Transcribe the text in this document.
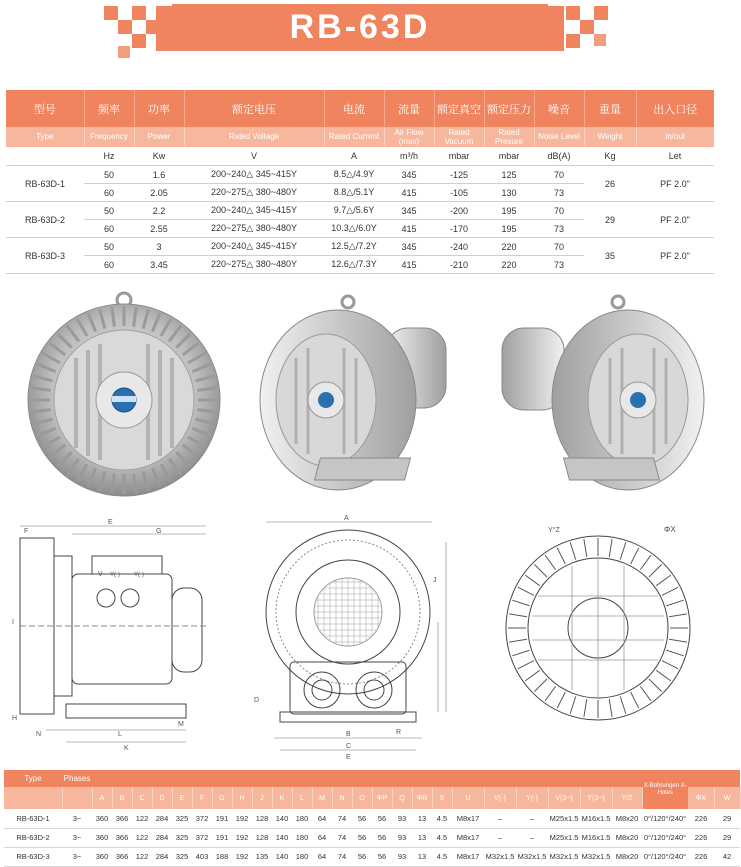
RB-63D
型号	频率	功率	额定电压	电流	流量	额定真空	额定压力	噪音	重量	出入口径
Type	Frequency	Power	Rated Voltage	Rated Current	Air Flow (max)	Rated Vacuum	Rated Presure	Noise Level	Weight	in/out
	Hz	Kw	V	A	m³/h	mbar	mbar	dB(A)	Kg	Let
RB-63D-1	50	1.6	200~240△ 345~415Y	8.5△/4.9Y	345	-125	125	70	26	PF 2.0"
	60	2.05	220~275△ 380~480Y	8.8△/5.1Y	415	-105	130	73		
RB-63D-2	50	2.2	200~240△ 345~415Y	9.7△/5.6Y	345	-200	195	70	29	PF 2.0"
	60	2.55	220~275△ 380~480Y	10.3△/6.0Y	415	-170	195	73		
RB-63D-3	50	3	200~240△ 345~415Y	12.5△/7.2Y	345	-240	220	70	35	PF 2.0"
	60	3.45	220~275△ 380~480Y	12.6△/7.3Y	415	-210	220	73		
E
F	G
I
H
N	L
K
M
V Y(-) Y(-)
A
B
C
D
J
E
R
ΦX
Y°Z
Type	Phases																									X-Bohrungen X-Holes		
		A	B	C	D	E	F	G	H	J	K	L	M	N	O	ΦP	Q	ΦR	S	U	V(-)	Y(-)	V(3~)	Y(3~)	Y/Z		ΦX	W
RB-63D-1	3~	360	366	122	284	325	372	191	192	128	140	180	64	74	56	56	93	13	4.5	M8x17	–	–	M25x1.5	M16x1.5	M8x20	0°/120°/240°	226	29
RB-63D-2	3~	360	366	122	284	325	372	191	192	128	140	180	64	74	56	56	93	13	4.5	M8x17	–	–	M25x1.5	M16x1.5	M8x20	0°/120°/240°	226	29
RB-63D-3	3~	360	366	122	284	325	403	188	192	135	140	180	64	74	56	56	93	13	4.5	M8x17	M32x1.5	M32x1.5	M32x1.5	M32x1.5	M8x20	0°/120°/240°	226	42
